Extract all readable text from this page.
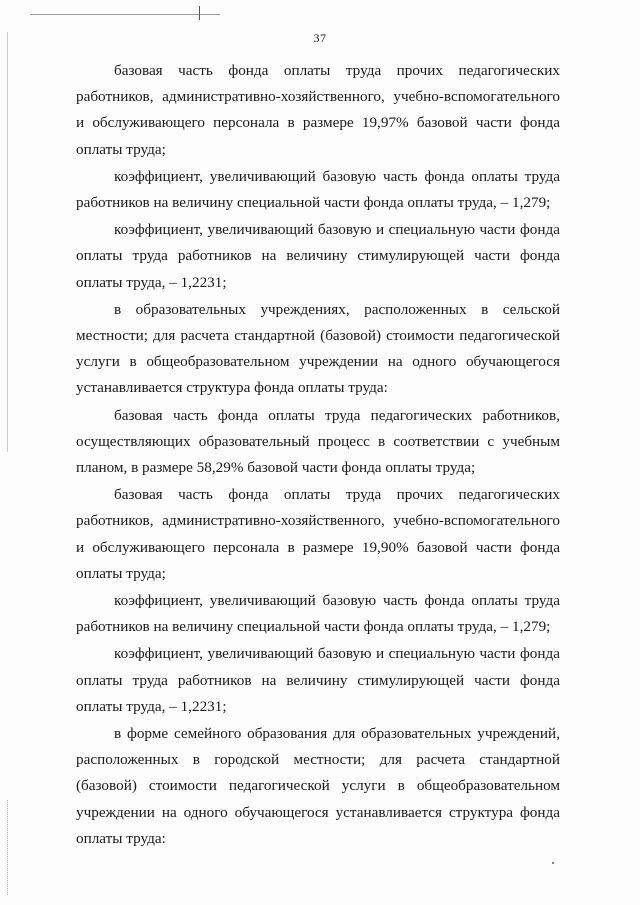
37

базовая часть фонда оплаты труда прочих педагогических работников, административно-хозяйственного, учебно-вспомогательного и обслуживающего персонала в размере 19,97% базовой части фонда оплаты труда;

коэффициент, увеличивающий базовую часть фонда оплаты труда работников на величину специальной части фонда оплаты труда, – 1,279;

коэффициент, увеличивающий базовую и специальную части фонда оплаты труда работников на величину стимулирующей части фонда оплаты труда, – 1,2231;

в образовательных учреждениях, расположенных в сельской местности; для расчета стандартной (базовой) стоимости педагогической услуги в общеобразовательном учреждении на одного обучающегося устанавливается структура фонда оплаты труда:

базовая часть фонда оплаты труда педагогических работников, осуществляющих образовательный процесс в соответствии с учебным планом, в размере 58,29% базовой части фонда оплаты труда;

базовая часть фонда оплаты труда прочих педагогических работников, административно-хозяйственного, учебно-вспомогательного и обслуживающего персонала в размере 19,90% базовой части фонда оплаты труда;

коэффициент, увеличивающий базовую часть фонда оплаты труда работников на величину специальной части фонда оплаты труда, – 1,279;

коэффициент, увеличивающий базовую и специальную части фонда оплаты труда работников на величину стимулирующей части фонда оплаты труда, – 1,2231;

в форме семейного образования для образовательных учреждений, расположенных в городской местности; для расчета стандартной (базовой) стоимости педагогической услуги в общеобразовательном учреждении на одного обучающегося устанавливается структура фонда оплаты труда:
